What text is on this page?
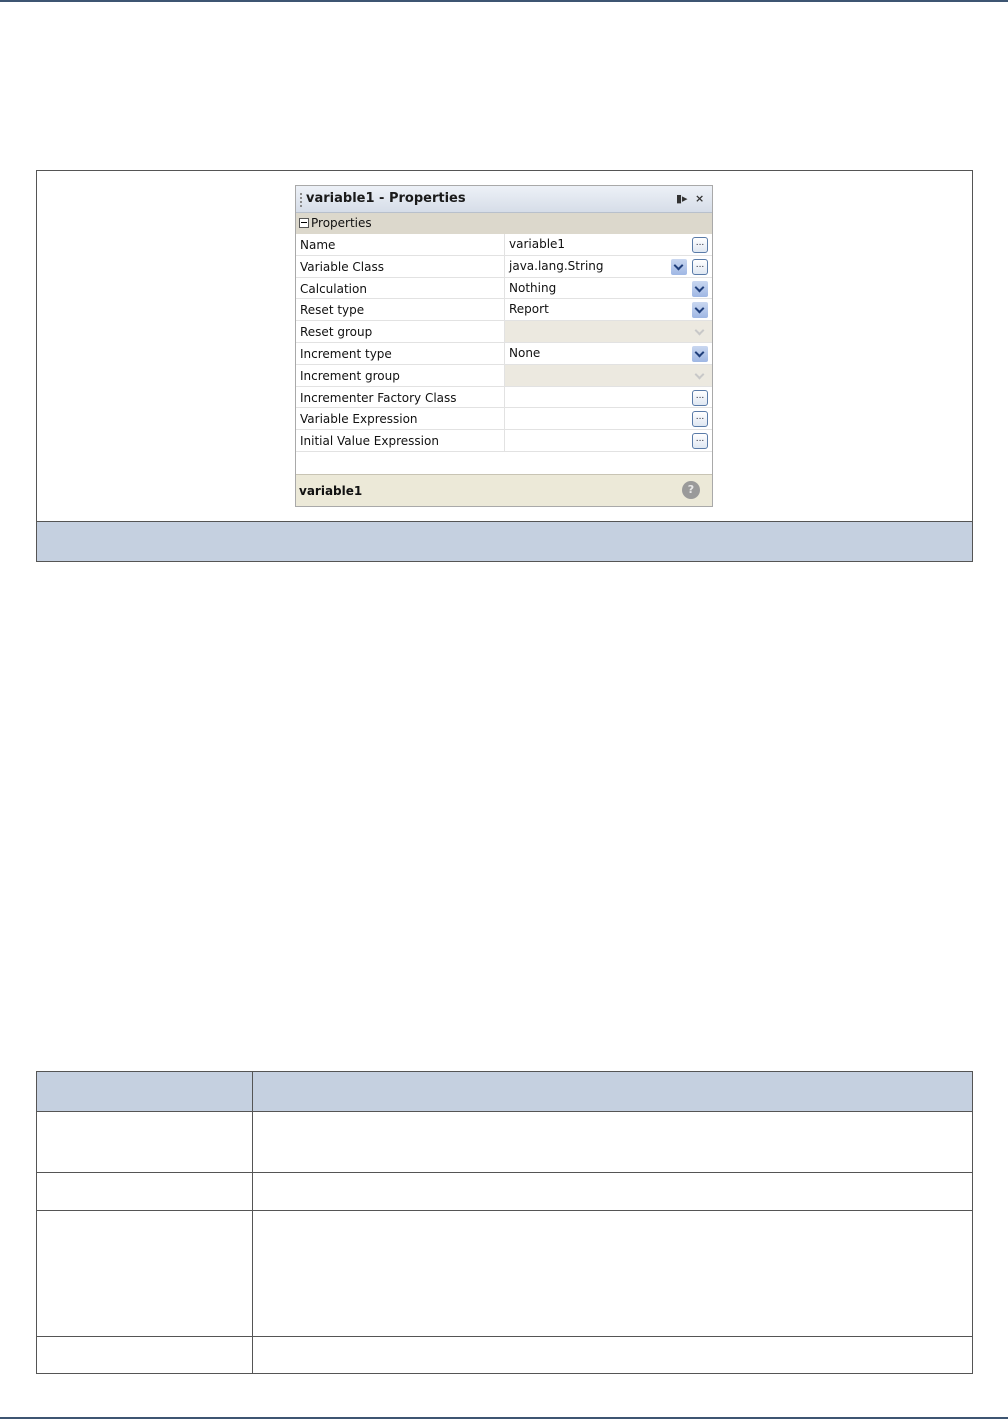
variable1 - Properties	▮▸ ×
Properties
Name	variable1	...
Variable Class	java.lang.String	...
Calculation	Nothing
Reset type	Report
Reset group
Increment type	None
Increment group
Incrementer Factory Class	...
Variable Expression	...
Initial Value Expression	...
variable1	?
